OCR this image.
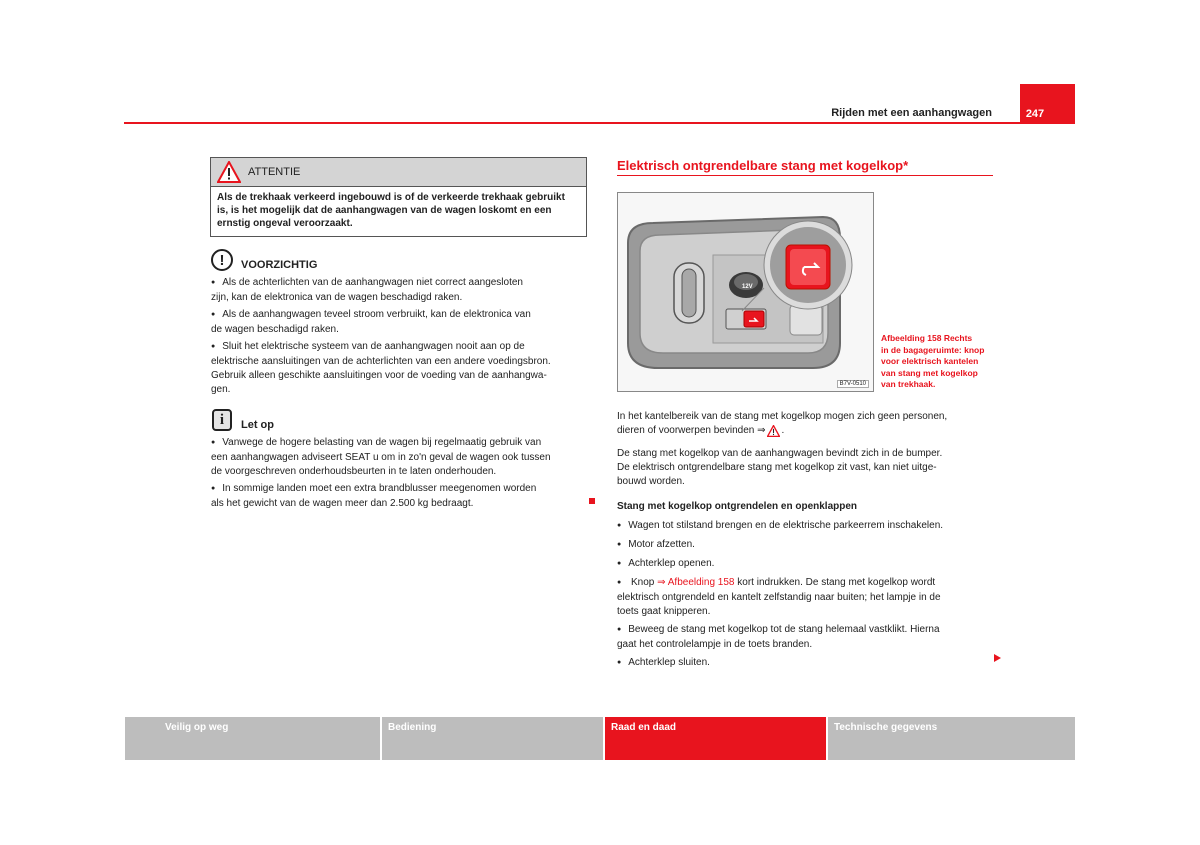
Rijden met een aanhangwagen	247
ATTENTIE

Als de trekhaak verkeerd ingebouwd is of de verkeerde trekhaak gebruikt

is, is het mogelijk dat de aanhangwagen van de wagen loskomt en een

ernstig ongeval veroorzaakt.

!	VOORZICHTIG

● Als de achterlichten van de aanhangwagen niet correct aangesloten

zijn, kan de elektronica van de wagen beschadigd raken.

● Als de aanhangwagen teveel stroom verbruikt, kan de elektronica van

de wagen beschadigd raken.

● Sluit het elektrische systeem van de aanhangwagen nooit aan op de

elektrische aansluitingen van de achterlichten van een andere voedingsbron.

Gebruik alleen geschikte aansluitingen voor de voeding van de aanhangwa-

gen.

i	Let op

● Vanwege de hogere belasting van de wagen bij regelmaatig gebruik van

een aanhangwagen adviseert SEAT u om in zo'n geval de wagen ook tussen

de voorgeschreven onderhoudsbeurten in te laten onderhouden.

● In sommige landen moet een extra brandblusser meegenomen worden

als het gewicht van de wagen meer dan 2.500 kg bedraagt.

Elektrisch ontgrendelbare stang met kogelkop*
12V
B7V-0510

Afbeelding 158 Rechts

in de bagageruimte: knop

voor elektrisch kantelen

van stang met kogelkop

van trekhaak.

In het kantelbereik van de stang met kogelkop mogen zich geen personen,

dieren of voorwerpen bevinden ⇒ .

De stang met kogelkop van de aanhangwagen bevindt zich in de bumper.

De elektrisch ontgrendelbare stang met kogelkop zit vast, kan niet uitge-

bouwd worden.

Stang met kogelkop ontgrendelen en openklappen

● Wagen tot stilstand brengen en de elektrische parkeerrem inschakelen.

● Motor afzetten.

● Achterklep openen.

● Knop ⇒ Afbeelding 158 kort indrukken. De stang met kogelkop wordt

elektrisch ontgrendeld en kantelt zelfstandig naar buiten; het lampje in de

toets gaat knipperen.

● Beweeg de stang met kogelkop tot de stang helemaal vastklikt. Hierna

gaat het controlelampje in de toets branden.

● Achterklep sluiten.

Veilig op weg	Bediening	Raad en daad	Technische gegevens
